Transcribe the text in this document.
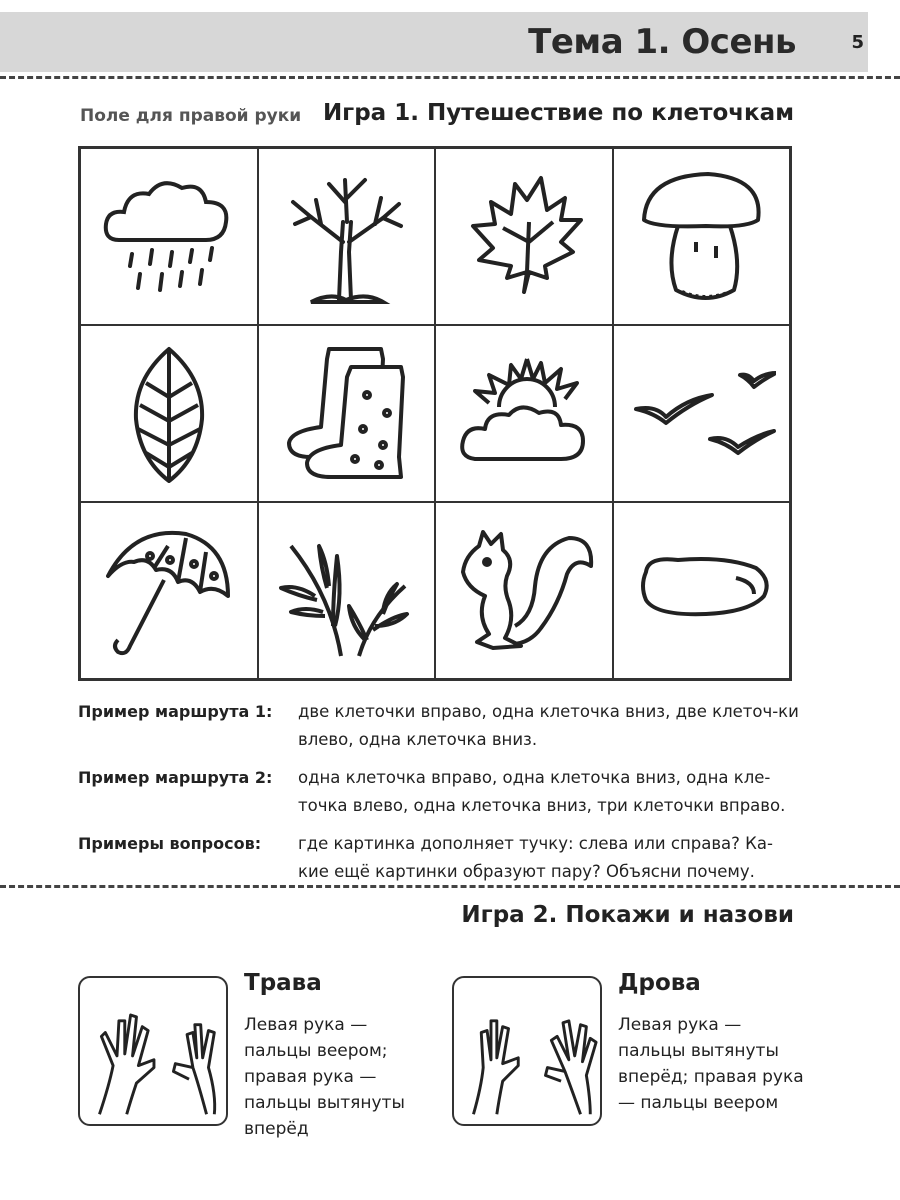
Тема 1. Осень	5
Поле для правой руки Игра 1. Путешествие по клеточкам
Пример маршрута 1:	две клеточки вправо, одна клеточка вниз, две клеточ-ки влево, одна клеточка вниз.
Пример маршрута 2:	одна клеточка вправо, одна клеточка вниз, одна кле-точка влево, одна клеточка вниз, три клеточки вправо.
Примеры вопросов:	где картинка дополняет тучку: слева или справа? Ка-кие ещё картинки образуют пару? Объясни почему.
Игра 2. Покажи и назови
Трава
Левая рука — пальцы веером; правая рука — пальцы вытянуты вперёд
Дрова
Левая рука — пальцы вытянуты вперёд; правая рука — пальцы веером
